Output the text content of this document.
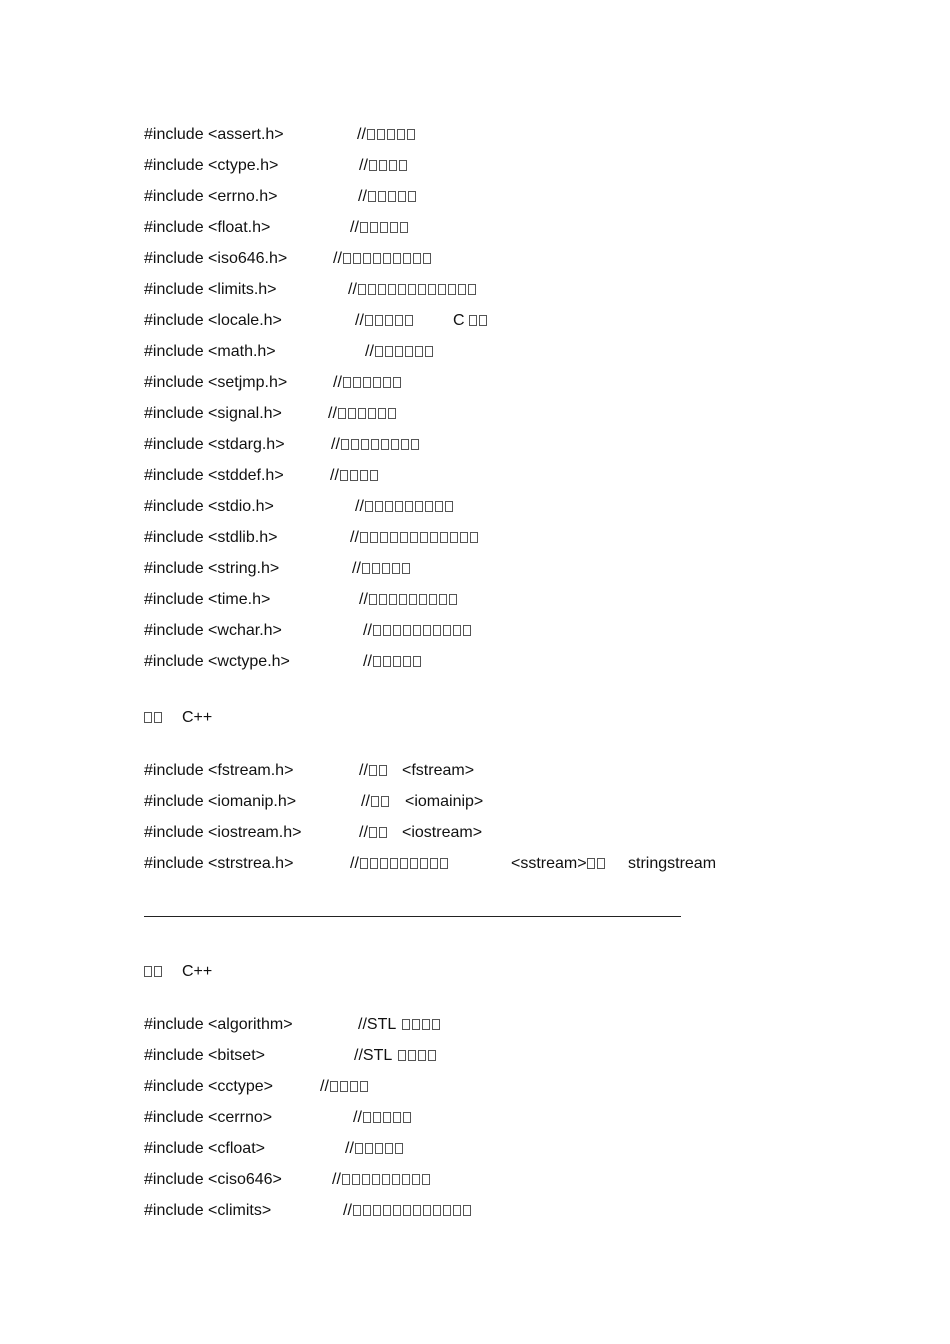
#include <assert.h>	//
#include <ctype.h>	//
#include <errno.h>	//
#include <float.h>	//
#include <iso646.h>	//
#include <limits.h>	//
#include <locale.h>	//	C
#include <math.h>	//
#include <setjmp.h>	//
#include <signal.h>	//
#include <stdarg.h>	//
#include <stddef.h>	//
#include <stdio.h>	//
#include <stdlib.h>	//
#include <string.h>	//
#include <time.h>	//
#include <wchar.h>	//
#include <wctype.h>	//
C++
#include <fstream.h>	//	<fstream>
#include <iomanip.h>	//	<iomainip>
#include <iostream.h>	//	<iostream>
#include <strstrea.h>	//	<sstream>	stringstream
C++
#include <algorithm>	//STL
#include <bitset>	//STL
#include <cctype>	//
#include <cerrno>	//
#include <cfloat>	//
#include <ciso646>	//
#include <climits>	//
